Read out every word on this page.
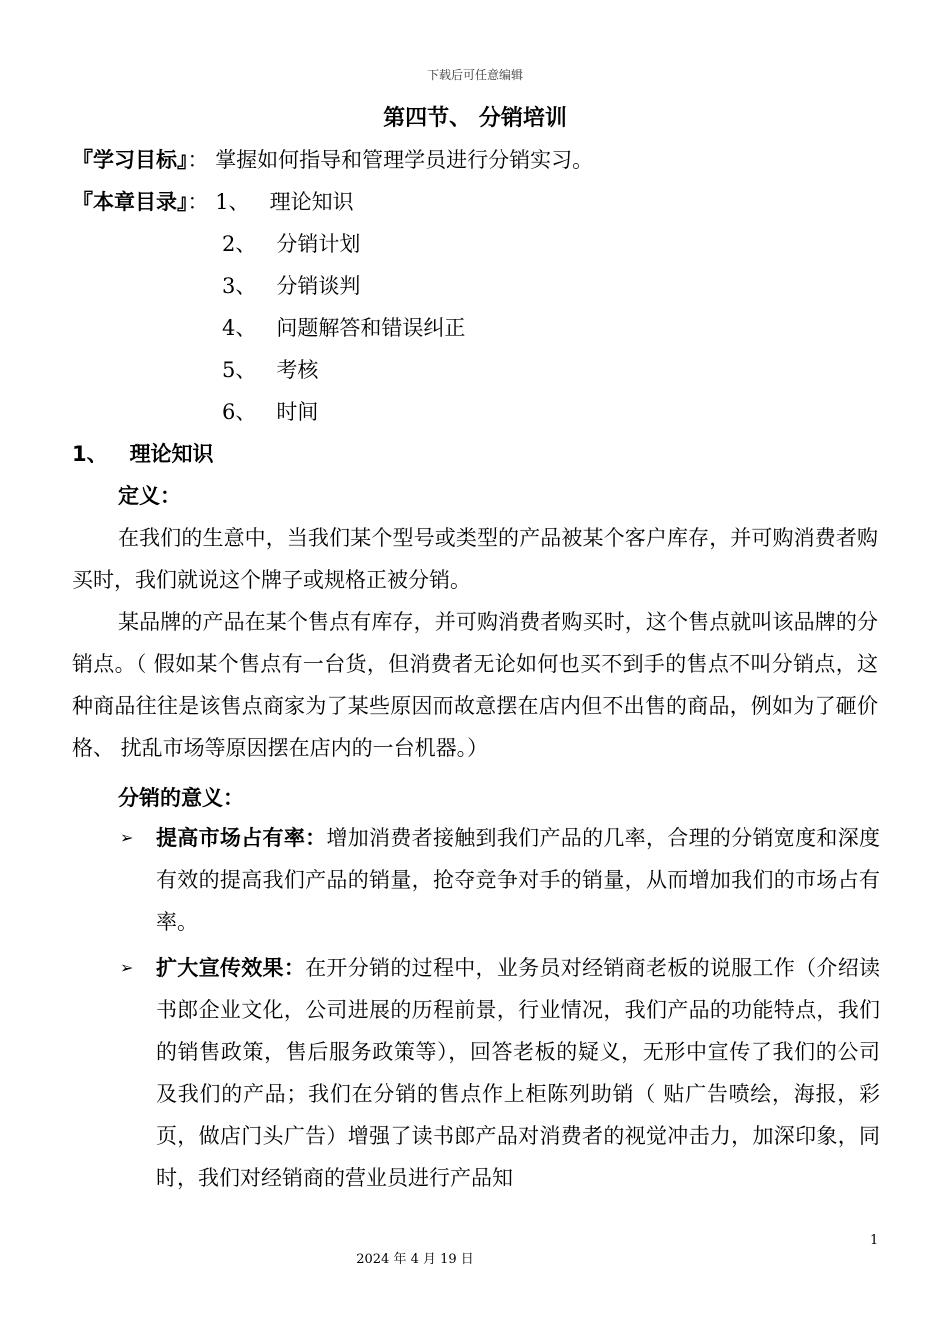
下载后可任意编辑
第四节、 分销培训
『学习目标』： 掌握如何指导和管理学员进行分销实习。
『本章目录』： 1、 理论知识
2、 分销计划
3、 分销谈判
4、 问题解答和错误纠正
5、 考核
6、 时间
1、 理论知识
定义：
在我们的生意中，当我们某个型号或类型的产品被某个客户库存，并可购消费者购买时，我们就说这个牌子或规格正被分销。
某品牌的产品在某个售点有库存，并可购消费者购买时，这个售点就叫该品牌的分销点。（ 假如某个售点有一台货，但消费者无论如何也买不到手的售点不叫分销点，这种商品往往是该售点商家为了某些原因而故意摆在店内但不出售的商品，例如为了砸价格、 扰乱市场等原因摆在店内的一台机器。）
分销的意义：
➢ 提高市场占有率：增加消费者接触到我们产品的几率，合理的分销宽度和深度有效的提高我们产品的销量，抢夺竞争对手的销量，从而增加我们的市场占有率。
➢ 扩大宣传效果：在开分销的过程中，业务员对经销商老板的说服工作（介绍读书郎企业文化，公司进展的历程前景，行业情况，我们产品的功能特点，我们的销售政策，售后服务政策等），回答老板的疑义，无形中宣传了我们的公司及我们的产品；我们在分销的售点作上柜陈列助销（ 贴广告喷绘，海报，彩页，做店门头广告）增强了读书郎产品对消费者的视觉冲击力，加深印象，同时，我们对经销商的营业员进行产品知
1
2024 年 4 月 19 日
